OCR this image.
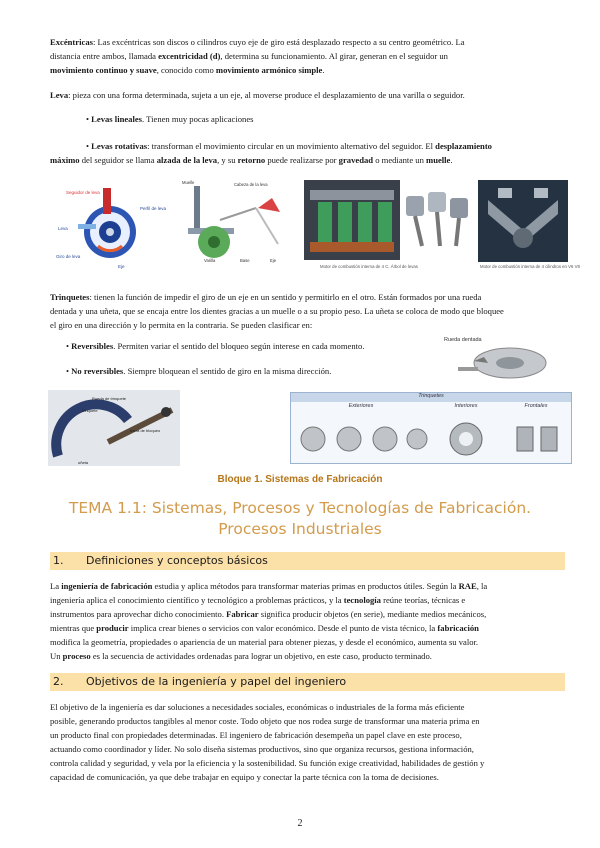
Excéntricas: Las excéntricas son discos o cilindros cuyo eje de giro está desplazado respecto a su centro geométrico. La
distancia entre ambos, llamada excentricidad (d), determina su funcionamiento. Al girar, generan en el seguidor un
movimiento continuo y suave, conocido como movimiento armónico simple.
Leva: pieza con una forma determinada, sujeta a un eje, al moverse produce el desplazamiento de una varilla o seguidor.
• Levas lineales. Tienen muy pocas aplicaciones
• Levas rotativas: transforman el movimiento circular en un movimiento alternativo del seguidor. El desplazamiento
máximo del seguidor se llama alzada de la leva, y su retorno puede realizarse por gravedad o mediante un muelle.
Seguidor de leva
Perfil de leva
Leva
Eje
Giro de leva
Muelle	Cabeza de la leva
Varilla	Base	Eje
Motor de combustión interna de 4 C. Árbol de levas	Motor de combustión interna de 4 cilindros en V6 V8
Trinquetes: tienen la función de impedir el giro de un eje en un sentido y permitirlo en el otro. Están formados por una rueda
dentada y una uñeta, que se encaja entre los dientes gracias a un muelle o a su propio peso. La uñeta se coloca de modo que bloquee
el giro en una dirección y lo permita en la contraria. Se pueden clasificar en:
• Reversibles. Permiten variar el sentido del bloqueo según interese en cada momento.
• No reversibles. Siempre bloquean el sentido de giro en la misma dirección.
Rueda dentada
Rueda de trinquete
trinquete
barra de bloqueo
uñeta
Trinquetes
Exteriores	Interiores	Frontales
Bloque 1. Sistemas de Fabricación
TEMA 1.1: Sistemas, Procesos y Tecnologías de Fabricación.
Procesos Industriales
1. Definiciones y conceptos básicos
La ingeniería de fabricación estudia y aplica métodos para transformar materias primas en productos útiles. Según la RAE, la
ingeniería aplica el conocimiento científico y tecnológico a problemas prácticos, y la tecnología reúne teorías, técnicas e
instrumentos para aprovechar dicho conocimiento. Fabricar significa producir objetos (en serie), mediante medios mecánicos,
mientras que producir implica crear bienes o servicios con valor económico. Desde el punto de vista técnico, la fabricación
modifica la geometría, propiedades o apariencia de un material para obtener piezas, y desde el económico, aumenta su valor.
Un proceso es la secuencia de actividades ordenadas para lograr un objetivo, en este caso, producto terminado.
2. Objetivos de la ingeniería y papel del ingeniero
El objetivo de la ingeniería es dar soluciones a necesidades sociales, económicas o industriales de la forma más eficiente
posible, generando productos tangibles al menor coste. Todo objeto que nos rodea surge de transformar una materia prima en
un producto final con propiedades determinadas. El ingeniero de fabricación desempeña un papel clave en este proceso,
actuando como coordinador y líder. No solo diseña sistemas productivos, sino que organiza recursos, gestiona información,
controla calidad y seguridad, y vela por la eficiencia y la sostenibilidad. Su función exige creatividad, habilidades de gestión y
capacidad de comunicación, ya que debe trabajar en equipo y conectar la parte técnica con la toma de decisiones.
2
